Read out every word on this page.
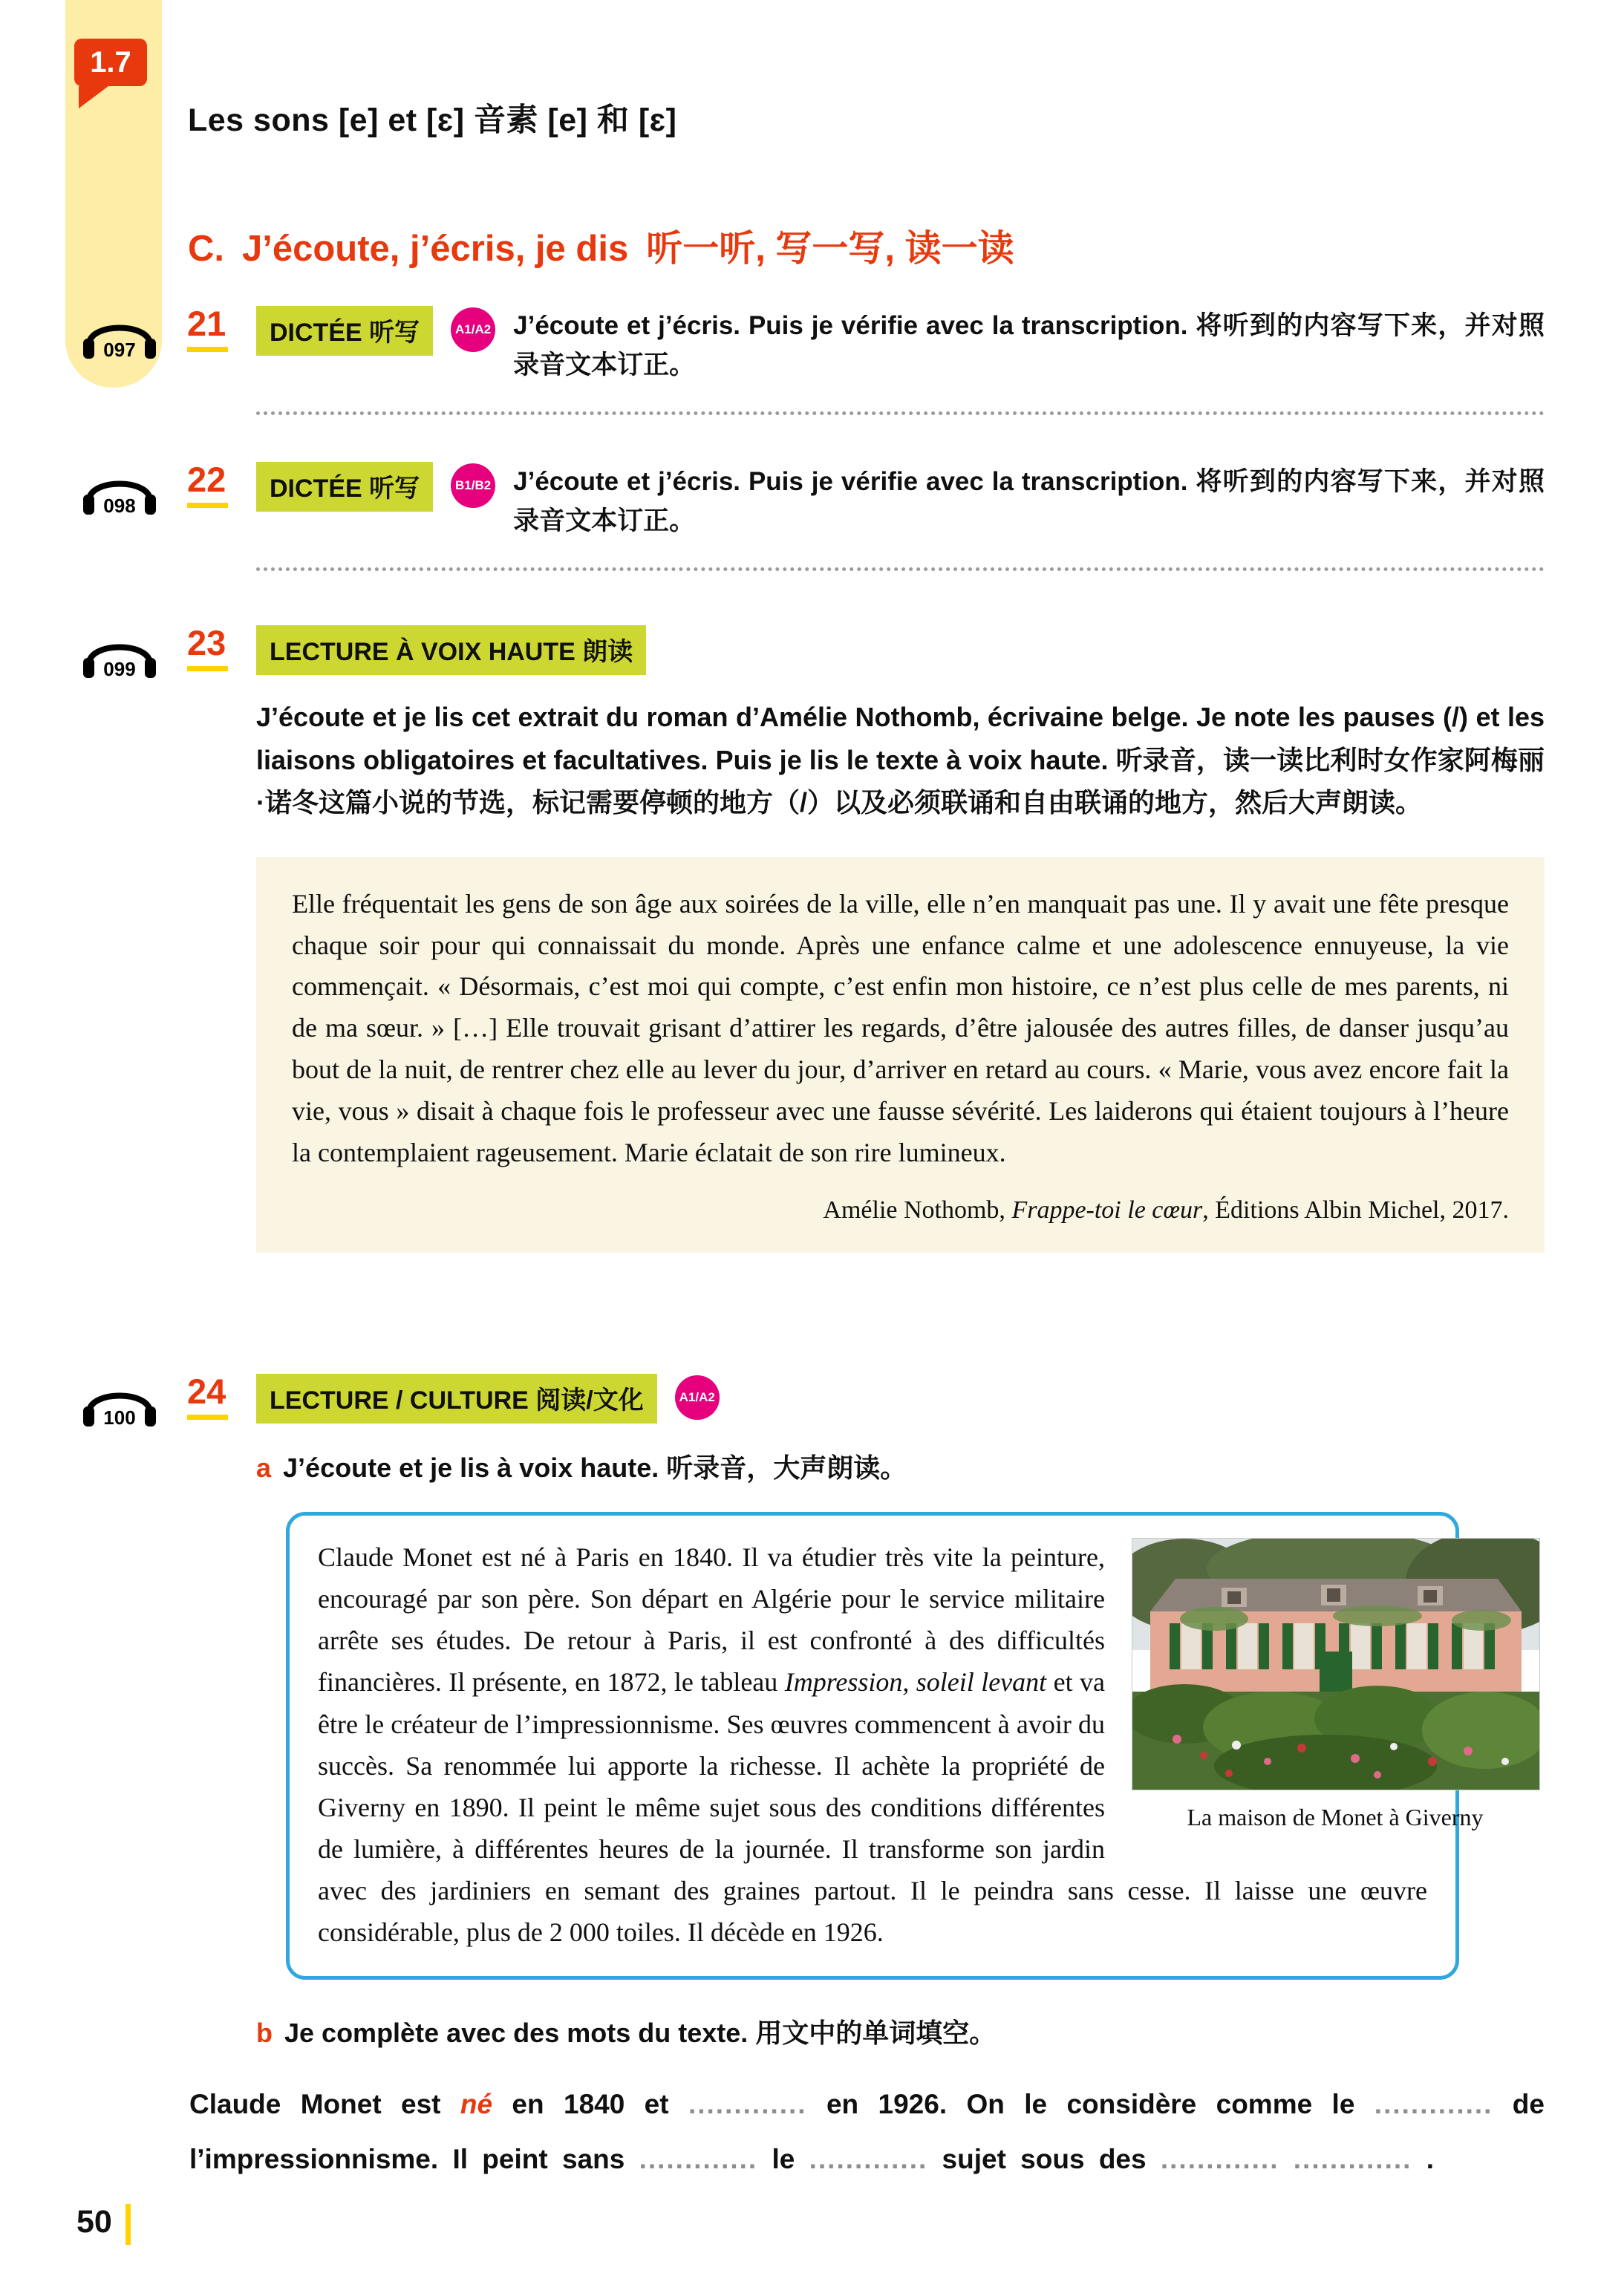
1.7
Les sons [e] et [ɛ] 音素 [e] 和 [ɛ]
C. J’écoute, j’écris, je dis 听一听, 写一写, 读一读
097
21	DICTÉE 听写	A1/A2 J’écoute et j’écris. Puis je vérifie avec la transcription. 将听到的内容写下来，并对照录音文本订正。

098
22	DICTÉE 听写	B1/B2 J’écoute et j’écris. Puis je vérifie avec la transcription. 将听到的内容写下来，并对照录音文本订正。

099
23	LECTURE À VOIX HAUTE 朗读

J’écoute et je lis cet extrait du roman d’Amélie Nothomb, écrivaine belge. Je note les pauses (/) et les liaisons obligatoires et facultatives. Puis je lis le texte à voix haute. 听录音，读一读比利时女作家阿梅丽·诺冬这篇小说的节选，标记需要停顿的地方（/）以及必须联诵和自由联诵的地方，然后大声朗读。

Elle fréquentait les gens de son âge aux soirées de la ville, elle n’en manquait pas une. Il y avait une fête presque chaque soir pour qui connaissait du monde. Après une enfance calme et une adolescence ennuyeuse, la vie commençait. « Désormais, c’est moi qui compte, c’est enfin mon histoire, ce n’est plus celle de mes parents, ni de ma sœur. » […] Elle trouvait grisant d’attirer les regards, d’être jalousée des autres filles, de danser jusqu’au bout de la nuit, de rentrer chez elle au lever du jour, d’arriver en retard au cours. « Marie, vous avez encore fait la vie, vous » disait à chaque fois le professeur avec une fausse sévérité. Les laiderons qui étaient toujours à l’heure la contemplaient rageusement. Marie éclatait de son rire lumineux.
Amélie Nothomb, Frappe-toi le cœur, Éditions Albin Michel, 2017.
100
24	LECTURE / CULTURE 阅读/文化	A1/A2

a J’écoute et je lis à voix haute. 听录音，大声朗读。

La maison de Monet à Giverny
Claude Monet est né à Paris en 1840. Il va étudier très vite la peinture, encouragé par son père. Son départ en Algérie pour le service militaire arrête ses études. De retour à Paris, il est confronté à des difficultés financières. Il présente, en 1872, le tableau Impression, soleil levant et va être le créateur de l’impressionnisme. Ses œuvres commencent à avoir du succès. Sa renommée lui apporte la richesse. Il achète la propriété de Giverny en 1890. Il peint le même sujet sous des conditions différentes de lumière, à différentes heures de la journée. Il transforme son jardin avec des jardiniers en semant des graines partout. Il le peindra sans cesse. Il laisse une œuvre considérable, plus de 2 000 toiles. Il décède en 1926.

b Je complète avec des mots du texte. 用文中的单词填空。

Claude Monet est né en 1840 et ............. en 1926. On le considère comme le ............. de l’impressionnisme. Il peint sans ............. le ............. sujet sous des ............. ............. .

50
